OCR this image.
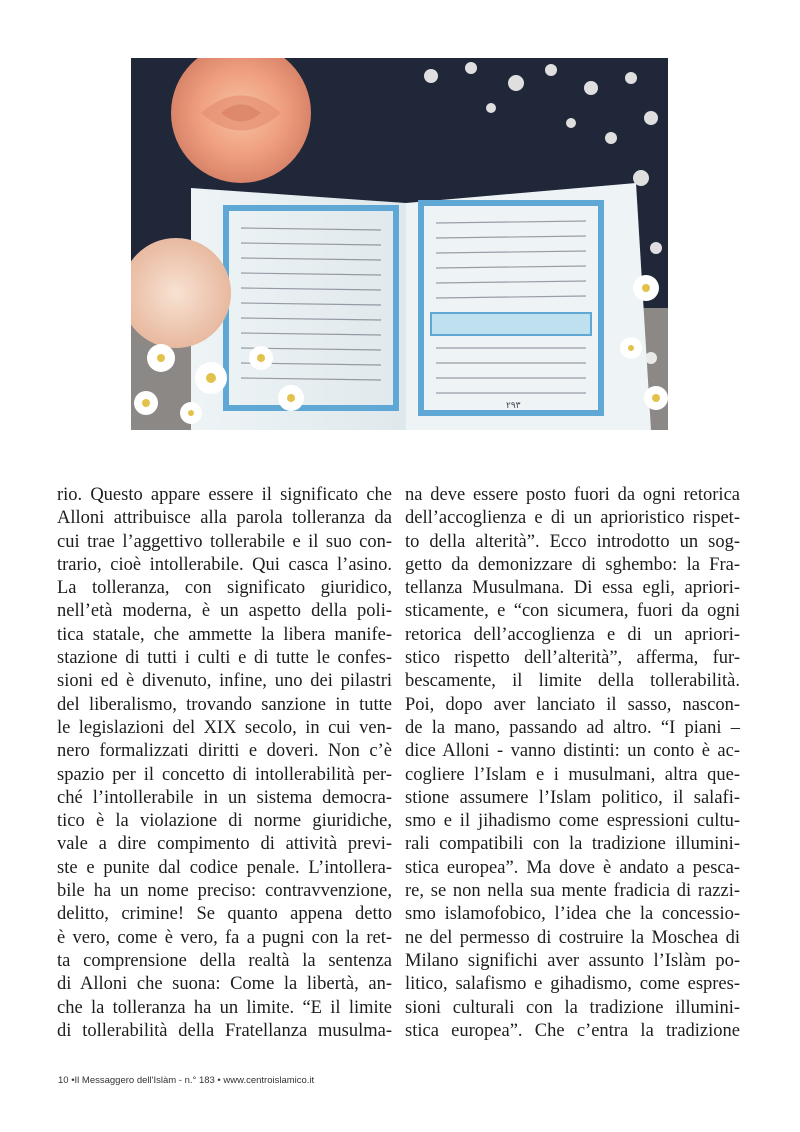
٢٩٣
rio. Questo appare essere il significato che
Alloni attribuisce alla parola tolleranza da
cui trae l’aggettivo tollerabile e il suo con-
trario, cioè intollerabile. Qui casca l’asino.
La tolleranza, con significato giuridico,
nell’età moderna, è un aspetto della poli-
tica statale, che ammette la libera manife-
stazione di tutti i culti e di tutte le confes-
sioni ed è divenuto, infine, uno dei pilastri
del liberalismo, trovando sanzione in tutte
le legislazioni del XIX secolo, in cui ven-
nero formalizzati diritti e doveri. Non c’è
spazio per il concetto di intollerabilità per-
ché l’intollerabile in un sistema democra-
tico è la violazione di norme giuridiche,
vale a dire compimento di attività previ-
ste e punite dal codice penale. L’intollera-
bile ha un nome preciso: contravvenzione,
delitto, crimine! Se quanto appena detto
è vero, come è vero, fa a pugni con la ret-
ta comprensione della realtà la sentenza
di Alloni che suona: Come la libertà, an-
che la tolleranza ha un limite. “E il limite
di tollerabilità della Fratellanza musulma-
na deve essere posto fuori da ogni retorica
dell’accoglienza e di un aprioristico rispet-
to della alterità”. Ecco introdotto un sog-
getto da demonizzare di sghembo: la Fra-
tellanza Musulmana. Di essa egli, apriori-
sticamente, e “con sicumera, fuori da ogni
retorica dell’accoglienza e di un apriori-
stico rispetto dell’alterità”, afferma, fur-
bescamente, il limite della tollerabilità.
Poi, dopo aver lanciato il sasso, nascon-
de la mano, passando ad altro. “I piani –
dice Alloni - vanno distinti: un conto è ac-
cogliere l’Islam e i musulmani, altra que-
stione assumere l’Islam politico, il salafi-
smo e il jihadismo come espressioni cultu-
rali compatibili con la tradizione illumini-
stica europea”. Ma dove è andato a pesca-
re, se non nella sua mente fradicia di razzi-
smo islamofobico, l’idea che la concessio-
ne del permesso di costruire la Moschea di
Milano significhi aver assunto l’Islàm po-
litico, salafismo e gihadismo, come espres-
sioni culturali con la tradizione illumini-
stica europea”. Che c’entra la tradizione
10 •Il Messaggero dell'Islàm - n.° 183 • www.centroislamico.it
